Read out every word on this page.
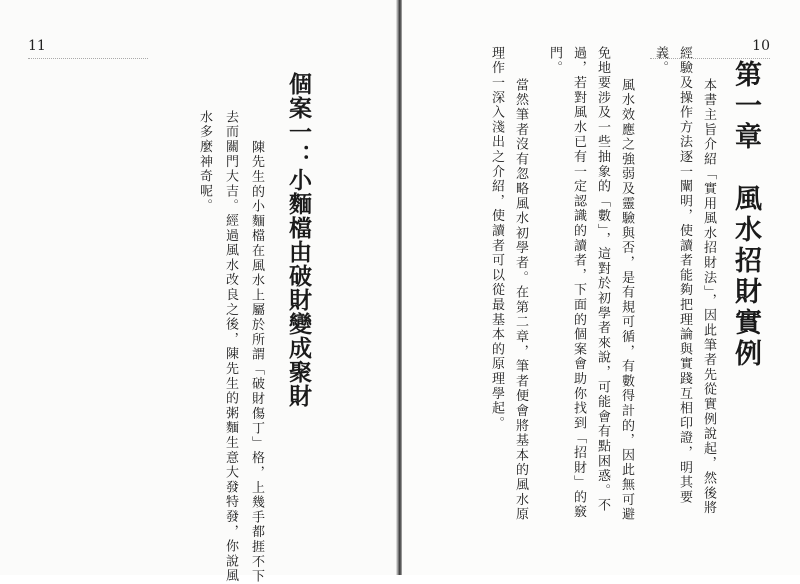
11
個案一：小麵檔由破財變成聚財
陳先生的小麵檔在風水上屬於所謂「破財傷丁」格，上幾手都捱不下
去而關門大吉。經過風水改良之後，陳先生的粥麵生意大發特發，你說風
水多麼神奇呢。
10
第一章　風水招財實例
本書主旨介紹「實用風水招財法」，因此筆者先從實例說起，然後將
經驗及操作方法逐一闡明，使讀者能夠把理論與實踐互相印證，明其要
義。
風水效應之強弱及靈驗與否，是有規可循，有數得計的，因此無可避
免地要涉及一些抽象的「數」，這對於初學者來說，可能會有點困惑。不
過，若對風水已有一定認識的讀者，下面的個案會助你找到「招財」的竅
門。
當然筆者沒有忽略風水初學者。在第二章，筆者便會將基本的風水原
理作一深入淺出之介紹，使讀者可以從最基本的原理學起。
